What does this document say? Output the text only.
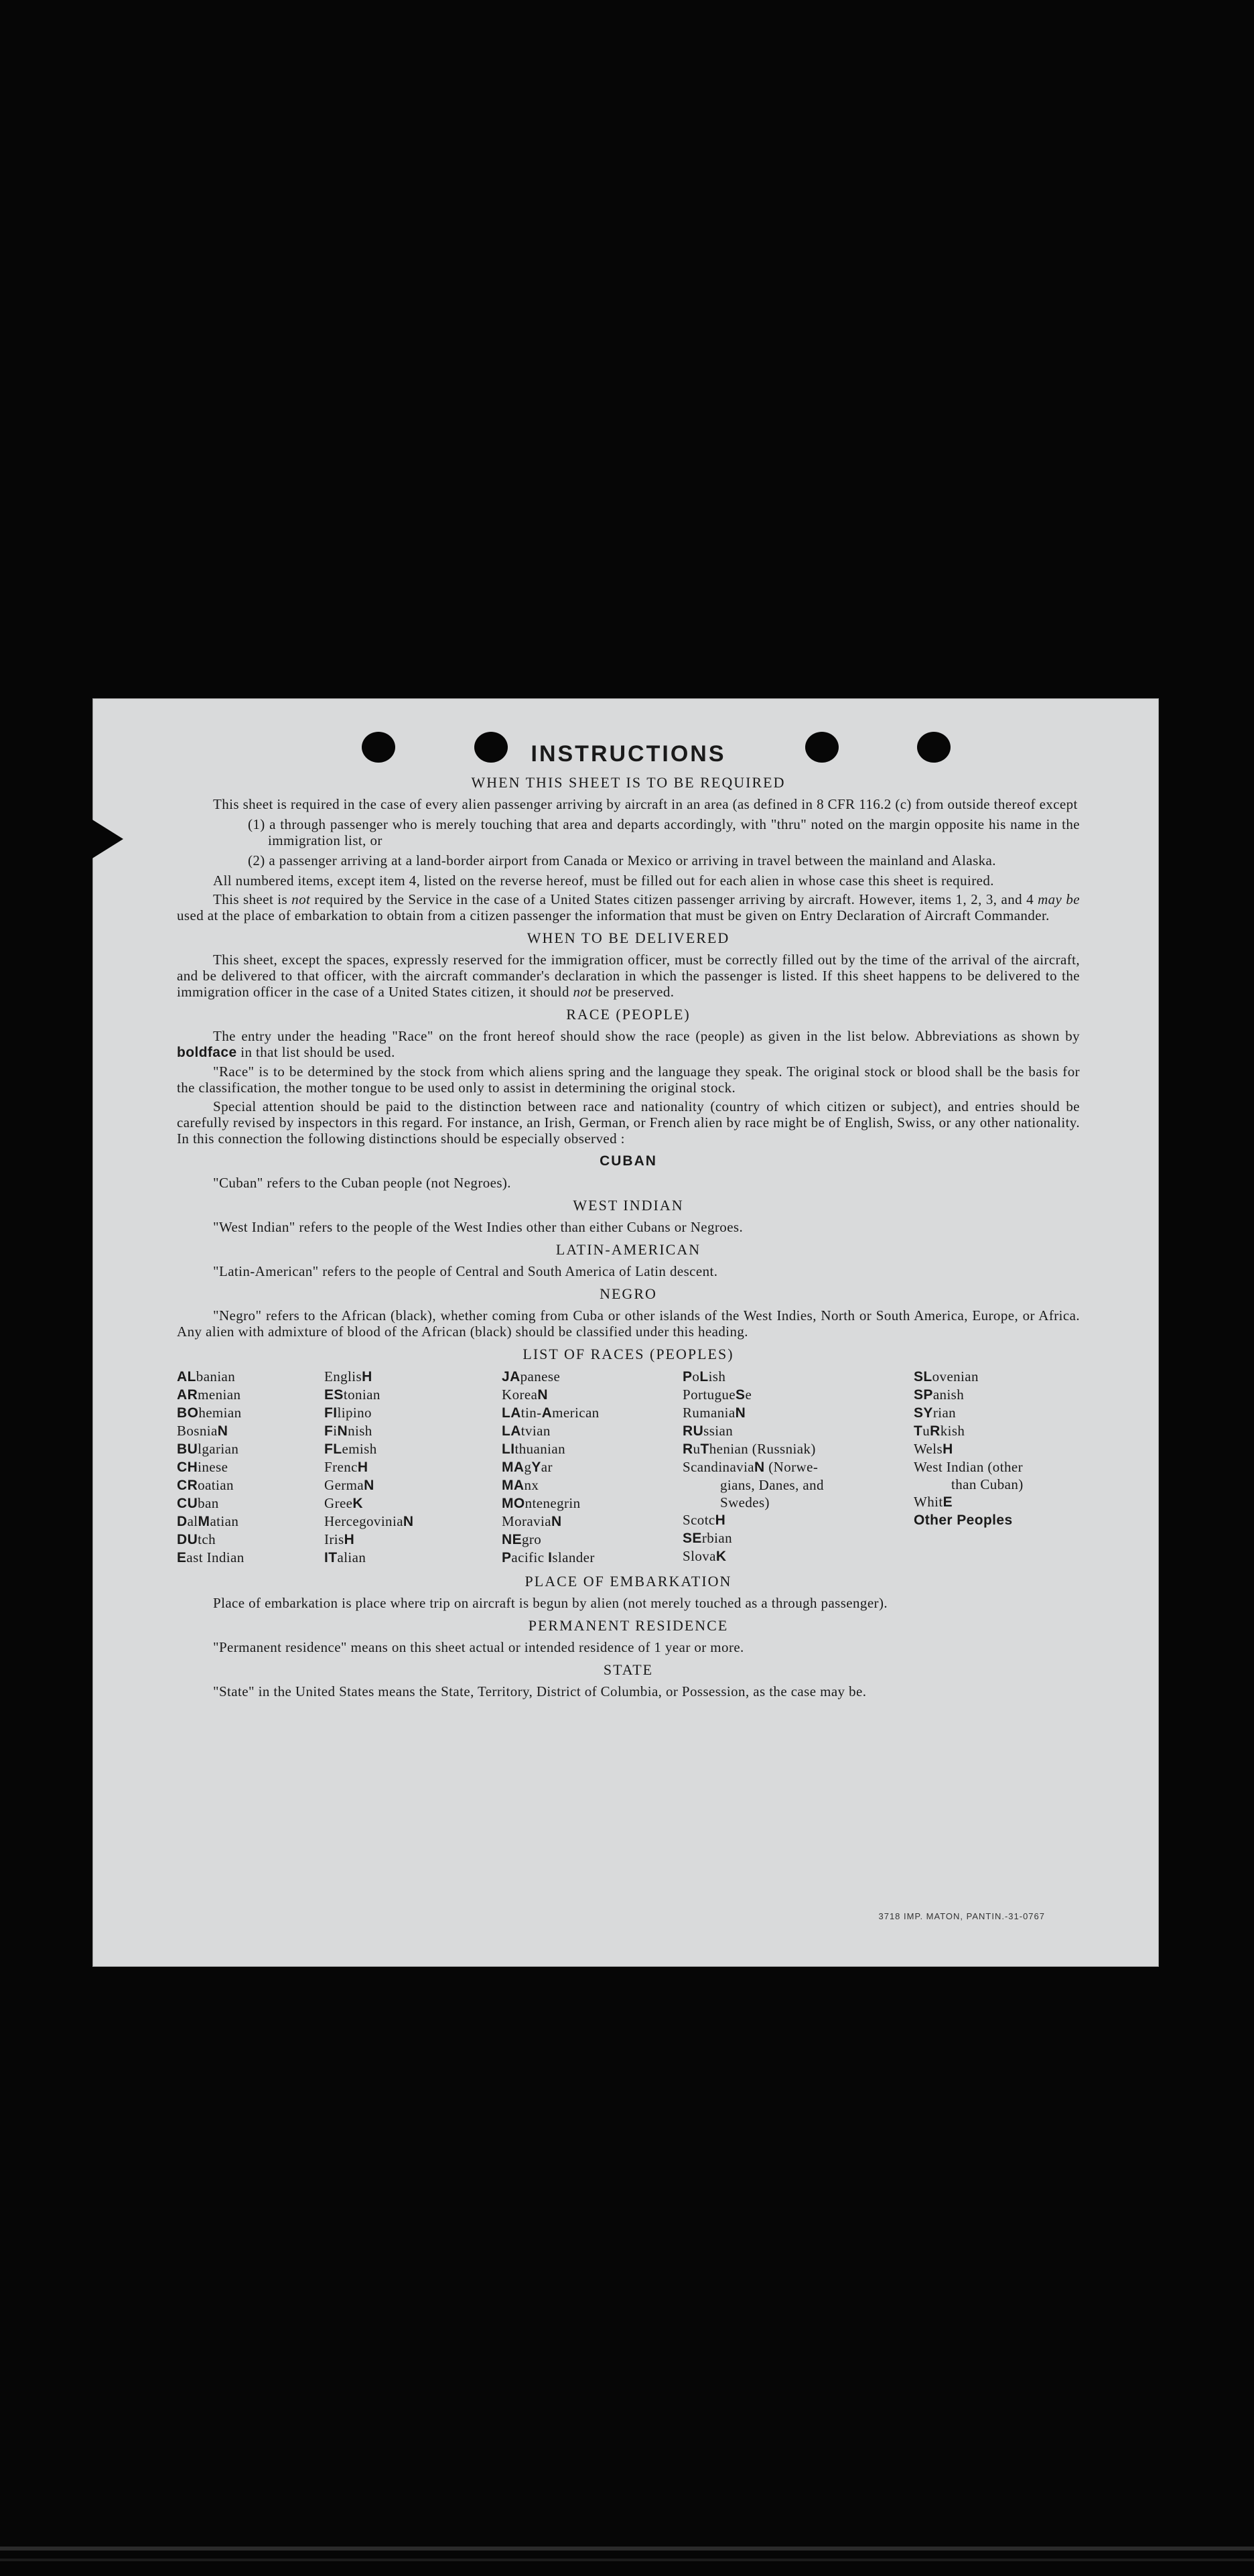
INSTRUCTIONS
WHEN THIS SHEET IS TO BE REQUIRED

This sheet is required in the case of every alien passenger arriving by aircraft in an area (as defined in 8 CFR 116.2 (c) from outside thereof except

(1) a through passenger who is merely touching that area and departs accordingly, with "thru" noted on the margin opposite his name in the immigration list, or

(2) a passenger arriving at a land-border airport from Canada or Mexico or arriving in travel between the mainland and Alaska.

All numbered items, except item 4, listed on the reverse hereof, must be filled out for each alien in whose case this sheet is required.

This sheet is not required by the Service in the case of a United States citizen passenger arriving by aircraft. However, items 1, 2, 3, and 4 may be used at the place of embarkation to obtain from a citizen passenger the information that must be given on Entry Declaration of Aircraft Commander.

WHEN TO BE DELIVERED

This sheet, except the spaces, expressly reserved for the immigration officer, must be correctly filled out by the time of the arrival of the aircraft, and be delivered to that officer, with the aircraft commander's declaration in which the passenger is listed. If this sheet happens to be delivered to the immigration officer in the case of a United States citizen, it should not be preserved.

RACE (PEOPLE)

The entry under the heading "Race" on the front hereof should show the race (people) as given in the list below. Abbreviations as shown by boldface in that list should be used.

"Race" is to be determined by the stock from which aliens spring and the language they speak. The original stock or blood shall be the basis for the classification, the mother tongue to be used only to assist in determining the original stock.

Special attention should be paid to the distinction between race and nationality (country of which citizen or subject), and entries should be carefully revised by inspectors in this regard. For instance, an Irish, German, or French alien by race might be of English, Swiss, or any other nationality. In this connection the following distinctions should be especially observed :

CUBAN

"Cuban" refers to the Cuban people (not Negroes).

WEST INDIAN

"West Indian" refers to the people of the West Indies other than either Cubans or Negroes.

LATIN-AMERICAN

"Latin-American" refers to the people of Central and South America of Latin descent.

NEGRO

"Negro" refers to the African (black), whether coming from Cuba or other islands of the West Indies, North or South America, Europe, or Africa. Any alien with admixture of blood of the African (black) should be classified under this heading.

LIST OF RACES (PEOPLES)
ALbanian
ARmenian
BOhemian
BosniaN
BUlgarian
CHinese
CRoatian
CUban
DalMatian
DUtch
East Indian
EnglisH
EStonian
FIlipino
FiNnish
FLemish
FrencH
GermaN
GreeK
HercegoviniaN
IrisH
ITalian
JApanese
KoreaN
LAtin-American
LAtvian
LIthuanian
MAgYar
MAnx
MOntenegrin
MoraviaN
NEgro
Pacific Islander
PoLish
PortugueSe
RumaniaN
RUssian
RuThenian (Russniak)
ScandinaviaN (Norwe-
gians, Danes, and
Swedes)
ScotcH
SErbian
SlovaK
SLovenian
SPanish
SYrian
TuRkish
WelsH
West Indian (other
than Cuban)
WhitE
Other Peoples
PLACE OF EMBARKATION

Place of embarkation is place where trip on aircraft is begun by alien (not merely touched as a through passenger).

PERMANENT RESIDENCE

"Permanent residence" means on this sheet actual or intended residence of 1 year or more.

STATE

"State" in the United States means the State, Territory, District of Columbia, or Possession, as the case may be.

3718 IMP. MATON, PANTIN.-31-0767
